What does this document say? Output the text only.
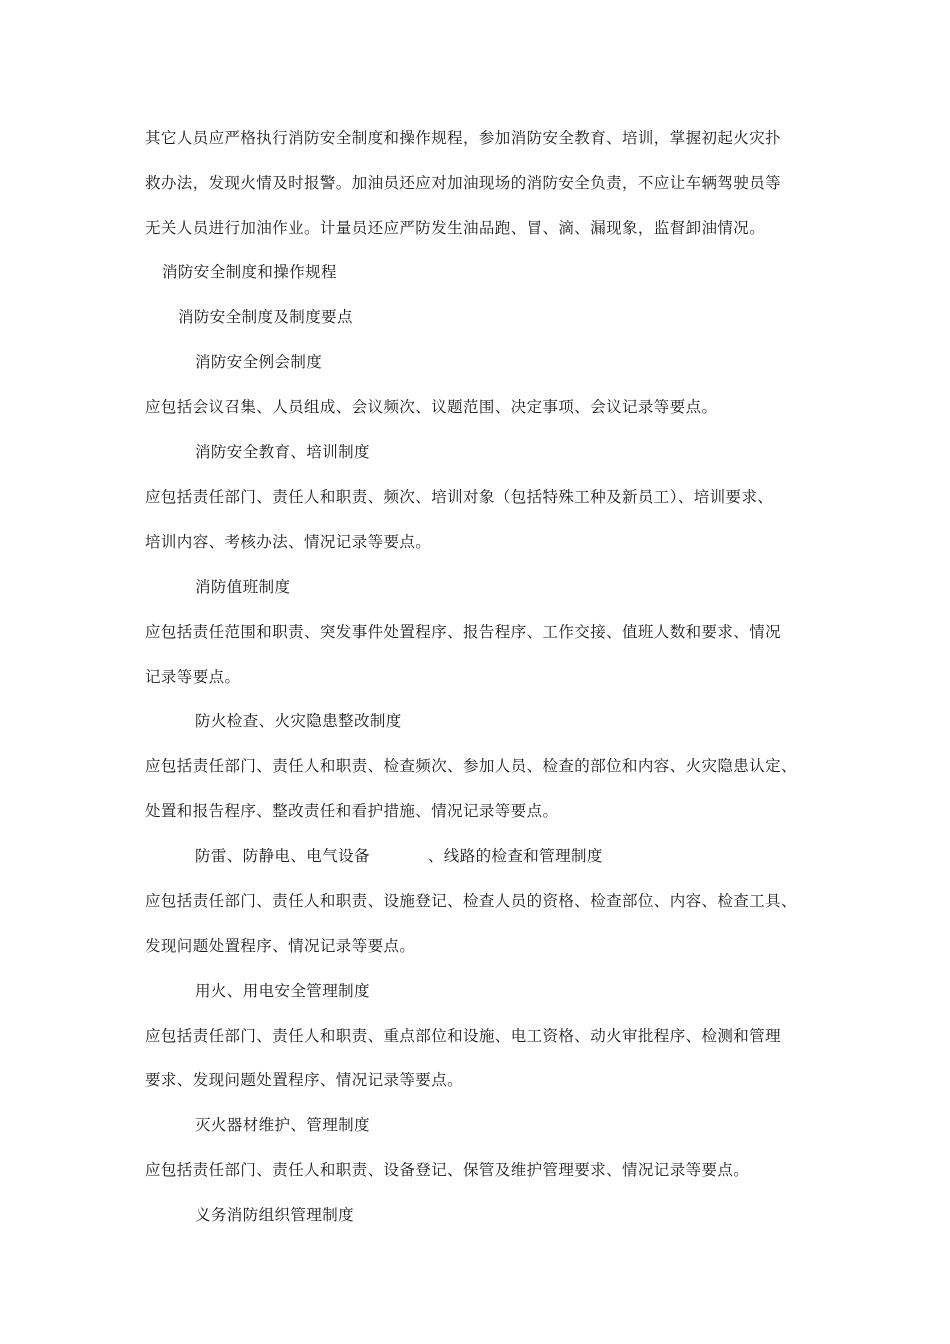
其它人员应严格执行消防安全制度和操作规程，参加消防安全教育、培训，掌握初起火灾扑
救办法，发现火情及时报警。加油员还应对加油现场的消防安全负责，不应让车辆驾驶员等
无关人员进行加油作业。计量员还应严防发生油品跑、冒、滴、漏现象，监督卸油情况。
消防安全制度和操作规程
消防安全制度及制度要点
消防安全例会制度
应包括会议召集、人员组成、会议频次、议题范围、决定事项、会议记录等要点。
消防安全教育、培训制度
应包括责任部门、责任人和职责、频次、培训对象（包括特殊工种及新员工）、培训要求、
培训内容、考核办法、情况记录等要点。
消防值班制度
应包括责任范围和职责、突发事件处置程序、报告程序、工作交接、值班人数和要求、情况
记录等要点。
防火检查、火灾隐患整改制度
应包括责任部门、责任人和职责、检查频次、参加人员、检查的部位和内容、火灾隐患认定、
处置和报告程序、整改责任和看护措施、情况记录等要点。
防雷、防静电、电气设备	、线路的检查和管理制度
应包括责任部门、责任人和职责、设施登记、检查人员的资格、检查部位、内容、检查工具、
发现问题处置程序、情况记录等要点。
用火、用电安全管理制度
应包括责任部门、责任人和职责、重点部位和设施、电工资格、动火审批程序、检测和管理
要求、发现问题处置程序、情况记录等要点。
灭火器材维护、管理制度
应包括责任部门、责任人和职责、设备登记、保管及维护管理要求、情况记录等要点。
义务消防组织管理制度
